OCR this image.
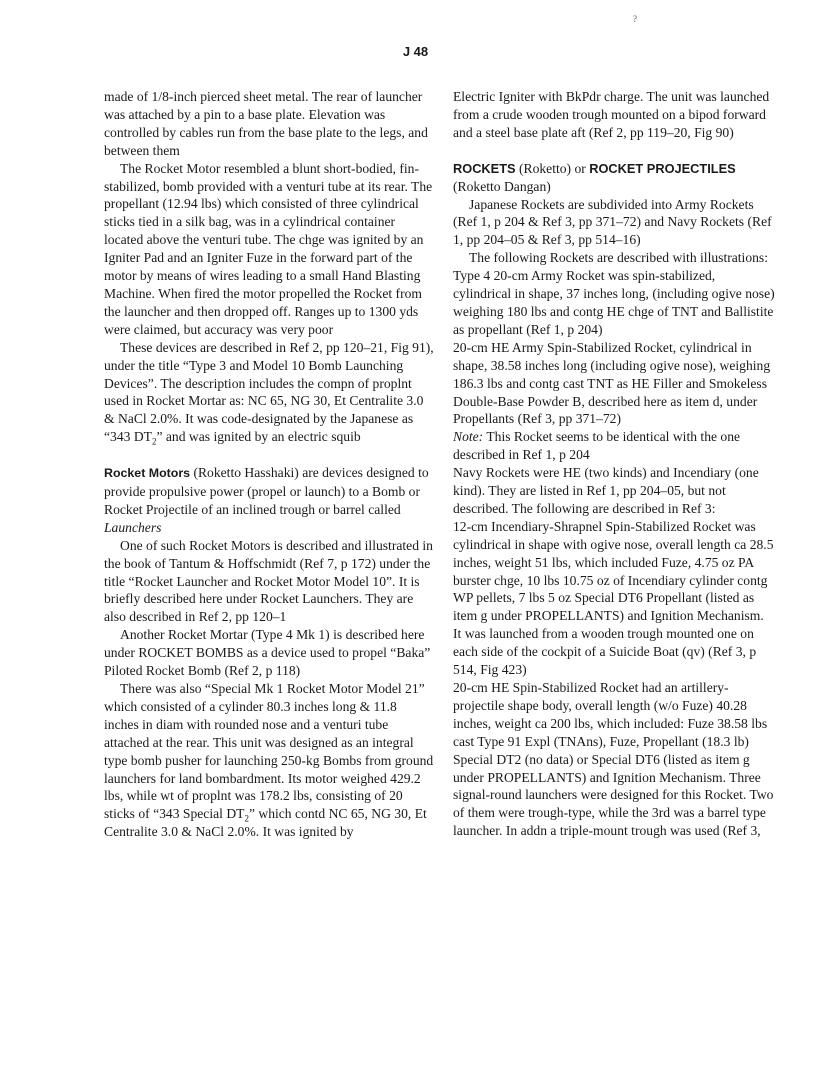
?
J 48

made of 1/8-inch pierced sheet metal. The rear of launcher was attached by a pin to a base plate. Elevation was controlled by cables run from the base plate to the legs, and between them

The Rocket Motor resembled a blunt short-bodied, fin-stabilized, bomb provided with a venturi tube at its rear. The propellant (12.94 lbs) which consisted of three cylindrical sticks tied in a silk bag, was in a cylindrical container located above the venturi tube. The chge was ignited by an Igniter Pad and an Igniter Fuze in the forward part of the motor by means of wires leading to a small Hand Blasting Machine. When fired the motor propelled the Rocket from the launcher and then dropped off. Ranges up to 1300 yds were claimed, but accuracy was very poor

These devices are described in Ref 2, pp 120–21, Fig 91), under the title “Type 3 and Model 10 Bomb Launching Devices”. The description includes the compn of proplnt used in Rocket Mortar as: NC 65, NG 30, Et Centralite 3.0 & NaCl 2.0%. It was code-designated by the Japanese as “343 $DT_2$” and was ignited by an electric squib

Rocket Motors (Roketto Hasshaki) are devices designed to provide propulsive power (propel or launch) to a Bomb or Rocket Projectile of an inclined trough or barrel called Launchers

One of such Rocket Motors is described and illustrated in the book of Tantum & Hoffschmidt (Ref 7, p 172) under the title “Rocket Launcher and Rocket Motor Model 10”. It is briefly described here under Rocket Launchers. They are also described in Ref 2, pp 120–1

Another Rocket Mortar (Type 4 Mk 1) is described here under ROCKET BOMBS as a device used to propel “Baka” Piloted Rocket Bomb (Ref 2, p 118)

There was also “Special Mk 1 Rocket Motor Model 21” which consisted of a cylinder 80.3 inches long & 11.8 inches in diam with rounded nose and a venturi tube attached at the rear. This unit was designed as an integral type bomb pusher for launching 250-kg Bombs from ground launchers for land bombardment. Its motor weighed 429.2 lbs, while wt of proplnt was 178.2 lbs, consisting of 20 sticks of “343 Special $DT_2$” which contd NC 65, NG 30, Et Centralite 3.0 & NaCl 2.0%. It was ignited by

Electric Igniter with BkPdr charge. The unit was launched from a crude wooden trough mounted on a bipod forward and a steel base plate aft (Ref 2, pp 119–20, Fig 90)

ROCKETS (Roketto) or ROCKET PROJECTILES (Roketto Dangan)

Japanese Rockets are subdivided into Army Rockets (Ref 1, p 204 & Ref 3, pp 371–72) and Navy Rockets (Ref 1, pp 204–05 & Ref 3, pp 514–16)

The following Rockets are described with illustrations:

Type 4 20-cm Army Rocket was spin-stabilized, cylindrical in shape, 37 inches long, (including ogive nose) weighing 180 lbs and contg HE chge of TNT and Ballistite as propellant (Ref 1, p 204)

20-cm HE Army Spin-Stabilized Rocket, cylindrical in shape, 38.58 inches long (including ogive nose), weighing 186.3 lbs and contg cast TNT as HE Filler and Smokeless Double-Base Powder B, described here as item d, under Propellants (Ref 3, pp 371–72)

Note: This Rocket seems to be identical with the one described in Ref 1, p 204

Navy Rockets were HE (two kinds) and Incendiary (one kind). They are listed in Ref 1, pp 204–05, but not described. The following are described in Ref 3:

12-cm Incendiary-Shrapnel Spin-Stabilized Rocket was cylindrical in shape with ogive nose, overall length ca 28.5 inches, weight 51 lbs, which included Fuze, 4.75 oz PA burster chge, 10 lbs 10.75 oz of Incendiary cylinder contg WP pellets, 7 lbs 5 oz Special DT6 Propellant (listed as item g under PROPELLANTS) and Ignition Mechanism. It was launched from a wooden trough mounted one on each side of the cockpit of a Suicide Boat (qv) (Ref 3, p 514, Fig 423)

20-cm HE Spin-Stabilized Rocket had an artillery-projectile shape body, overall length (w/o Fuze) 40.28 inches, weight ca 200 lbs, which included: Fuze 38.58 lbs cast Type 91 Expl (TNAns), Fuze, Propellant (18.3 lb) Special DT2 (no data) or Special DT6 (listed as item g under PROPELLANTS) and Ignition Mechanism. Three signal-round launchers were designed for this Rocket. Two of them were trough-type, while the 3rd was a barrel type launcher. In addn a triple-mount trough was used (Ref 3,
